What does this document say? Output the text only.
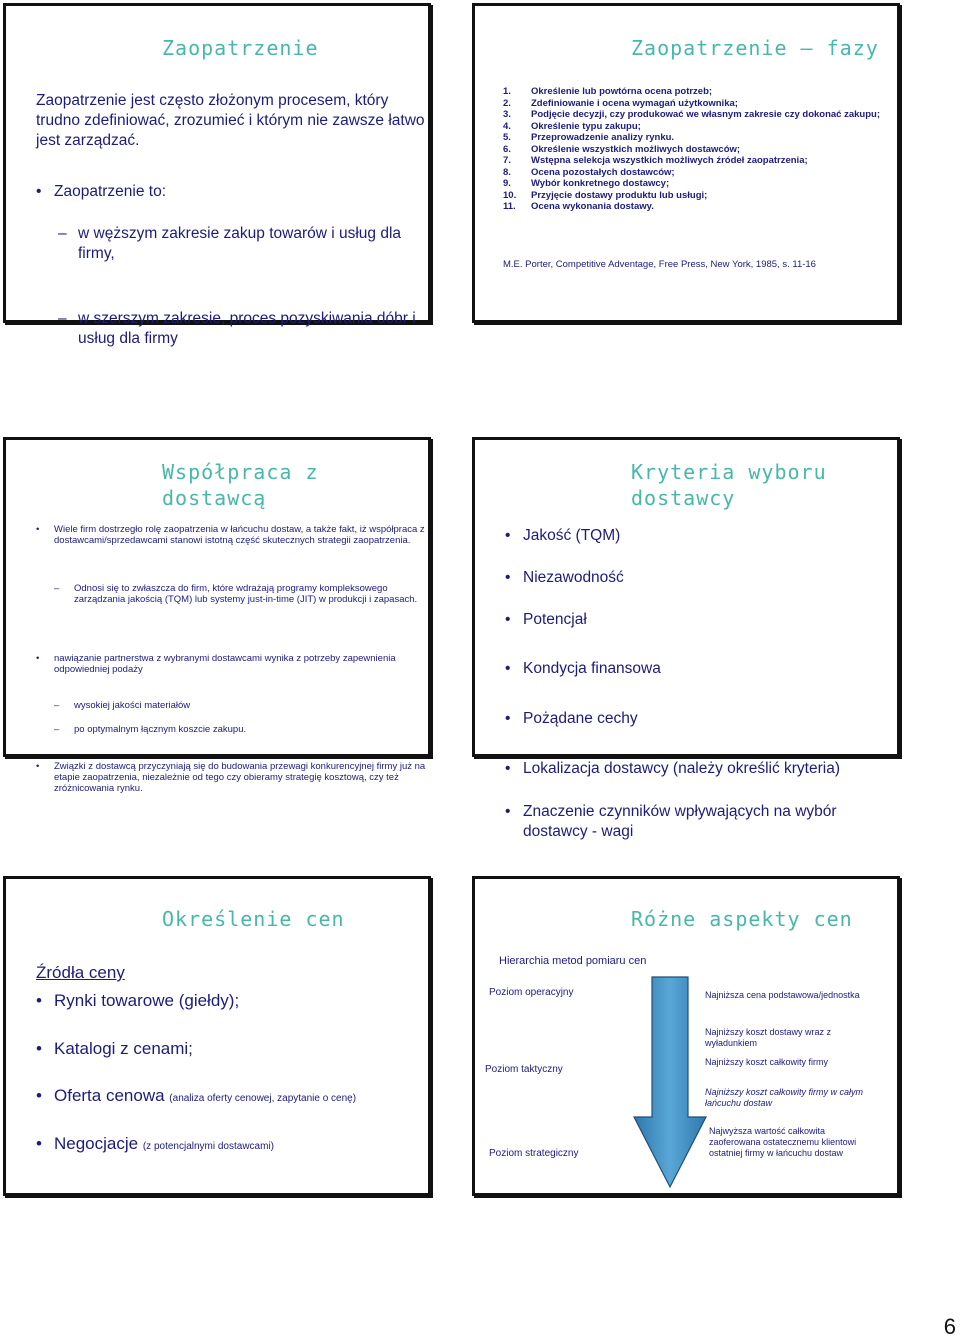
Zaopatrzenie
Zaopatrzenie jest często złożonym procesem, który trudno zdefiniować, zrozumieć i którym nie zawsze łatwo jest zarządzać.
• Zaopatrzenie to:
– w węższym zakresie zakup towarów i usług dla firmy,
– w szerszym zakresie, proces pozyskiwania dóbr i usług dla firmy
Zaopatrzenie – fazy
1.	Określenie lub powtórna ocena potrzeb;
2.	Zdefiniowanie i ocena wymagań użytkownika;
3.	Podjęcie decyzji, czy produkować we własnym zakresie czy dokonać zakupu;
4.	Określenie typu zakupu;
5.	Przeprowadzenie analizy rynku.
6.	Określenie wszystkich możliwych dostawców;
7.	Wstępna selekcja wszystkich możliwych źródeł zaopatrzenia;
8.	Ocena pozostałych dostawców;
9.	Wybór konkretnego dostawcy;
10.	Przyjęcie dostawy produktu lub usługi;
11.	Ocena wykonania dostawy.
M.E. Porter, Competitive Adventage, Free Press, New York, 1985, s. 11-16
Współpraca z
dostawcą
• Wiele firm dostrzegło rolę zaopatrzenia w łańcuchu dostaw, a także fakt, iż współpraca z dostawcami/sprzedawcami stanowi istotną część skutecznych strategii zaopatrzenia.
– Odnosi się to zwłaszcza do firm, które wdrażają programy kompleksowego zarządzania jakością (TQM) lub systemy just-in-time (JIT) w produkcji i zapasach.
• nawiązanie partnerstwa z wybranymi dostawcami wynika z potrzeby zapewnienia odpowiedniej podaży
– wysokiej jakości materiałów
– po optymalnym łącznym koszcie zakupu.
• Związki z dostawcą przyczyniają się do budowania przewagi konkurencyjnej firmy już na etapie zaopatrzenia, niezależnie od tego czy obieramy strategię kosztową, czy też zróżnicowania rynku.
Kryteria wyboru
dostawcy
• Jakość (TQM)
• Niezawodność
• Potencjał
• Kondycja finansowa
• Pożądane cechy
• Lokalizacja dostawcy (należy określić kryteria)
• Znaczenie czynników wpływających na wybór dostawcy - wagi
Określenie cen
Źródła ceny
• Rynki towarowe (giełdy);
• Katalogi z cenami;
• Oferta cenowa (analiza oferty cenowej, zapytanie o cenę)
• Negocjacje (z potencjalnymi dostawcami)
Różne aspekty cen
Hierarchia metod pomiaru cen
Poziom operacyjny
Poziom taktyczny
Poziom strategiczny
Najniższa cena podstawowa/jednostka
Najniższy koszt dostawy wraz z wyładunkiem
Najniższy koszt całkowity firmy
Najniższy koszt całkowity firmy w całym łańcuchu dostaw
Najwyższa wartość całkowita zaoferowana ostatecznemu klientowi ostatniej firmy w łańcuchu dostaw
6
